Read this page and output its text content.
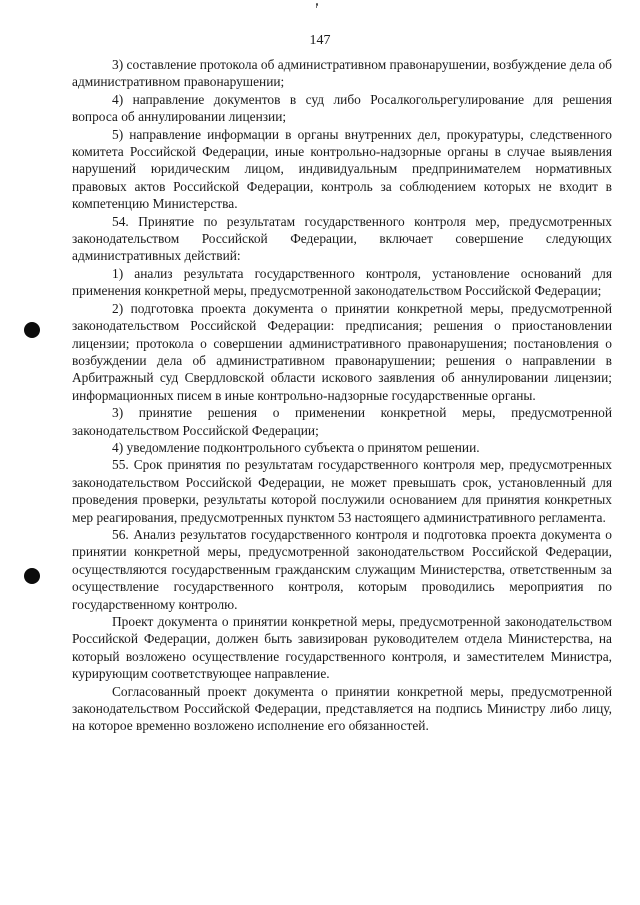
147

3) составление протокола об административном правонарушении, возбуждение дела об административном правонарушении;

4) направление документов в суд либо Росалкогольрегулирование для решения вопроса об аннулировании лицензии;

5) направление информации в органы внутренних дел, прокуратуры, следственного комитета Российской Федерации, иные контрольно-надзорные органы в случае выявления нарушений юридическим лицом, индивидуальным предпринимателем нормативных правовых актов Российской Федерации, контроль за соблюдением которых не входит в компетенцию Министерства.

54. Принятие по результатам государственного контроля мер, предусмотренных законодательством Российской Федерации, включает совершение следующих административных действий:

1) анализ результата государственного контроля, установление оснований для применения конкретной меры, предусмотренной законодательством Российской Федерации;

2) подготовка проекта документа о принятии конкретной меры, предусмотренной законодательством Российской Федерации: предписания; решения о приостановлении лицензии; протокола о совершении административного правонарушения; постановления о возбуждении дела об административном правонарушении; решения о направлении в Арбитражный суд Свердловской области искового заявления об аннулировании лицензии; информационных писем в иные контрольно-надзорные государственные органы.

3) принятие решения о применении конкретной меры, предусмотренной законодательством Российской Федерации;

4) уведомление подконтрольного субъекта о принятом решении.

55. Срок принятия по результатам государственного контроля мер, предусмотренных законодательством Российской Федерации, не может превышать срок, установленный для проведения проверки, результаты которой послужили основанием для принятия конкретных мер реагирования, предусмотренных пунктом 53 настоящего административного регламента.

56. Анализ результатов государственного контроля и подготовка проекта документа о принятии конкретной меры, предусмотренной законодательством Российской Федерации, осуществляются государственным гражданским служащим Министерства, ответственным за осуществление государственного контроля, которым проводились мероприятия по государственному контролю.

Проект документа о принятии конкретной меры, предусмотренной законодательством Российской Федерации, должен быть завизирован руководителем отдела Министерства, на который возложено осуществление государственного контроля, и заместителем Министра, курирующим соответствующее направление.

Согласованный проект документа о принятии конкретной меры, предусмотренной законодательством Российской Федерации, представляется на подпись Министру либо лицу, на которое временно возложено исполнение его обязанностей.
